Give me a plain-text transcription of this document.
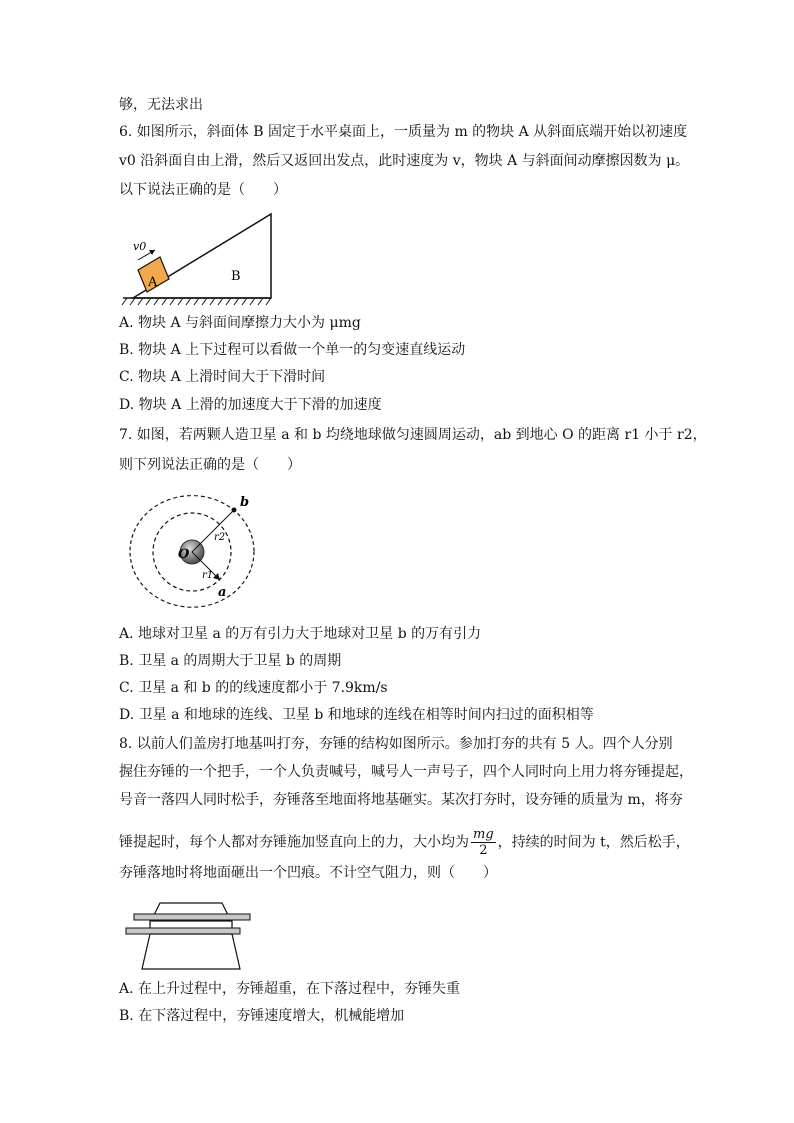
够，无法求出
6. 如图所示，斜面体 B 固定于水平桌面上，一质量为 m 的物块 A 从斜面底端开始以初速度
v0 沿斜面自由上滑，然后又返回出发点，此时速度为 v，物块 A 与斜面间动摩擦因数为 μ。
以下说法正确的是（　　）
A	B
v0
A. 物块 A 与斜面间摩擦力大小为 μmg
B. 物块 A 上下过程可以看做一个单一的匀变速直线运动
C. 物块 A 上滑时间大于下滑时间
D. 物块 A 上滑的加速度大于下滑的加速度
7. 如图，若两颗人造卫星 a 和 b 均绕地球做匀速圆周运动，ab 到地心 O 的距离 r1 小于 r2，
则下列说法正确的是（　　）
O
b
r2
r1
a
A. 地球对卫星 a 的万有引力大于地球对卫星 b 的万有引力
B. 卫星 a 的周期大于卫星 b 的周期
C. 卫星 a 和 b 的的线速度都小于 7.9km/s
D. 卫星 a 和地球的连线、卫星 b 和地球的连线在相等时间内扫过的面积相等
8. 以前人们盖房打地基叫打夯，夯锤的结构如图所示。参加打夯的共有 5 人。四个人分别
握住夯锤的一个把手，一个人负责喊号，喊号人一声号子，四个人同时向上用力将夯锤提起，
号音一落四人同时松手，夯锤落至地面将地基砸实。某次打夯时，设夯锤的质量为 m，将夯
锤提起时，每个人都对夯锤施加竖直向上的力，大小均为 $\frac{mg}{2}$ ，持续的时间为 t，然后松手，
夯锤落地时将地面砸出一个凹痕。不计空气阻力，则（　　）
A. 在上升过程中，夯锤超重，在下落过程中，夯锤失重
B. 在下落过程中，夯锤速度增大，机械能增加
